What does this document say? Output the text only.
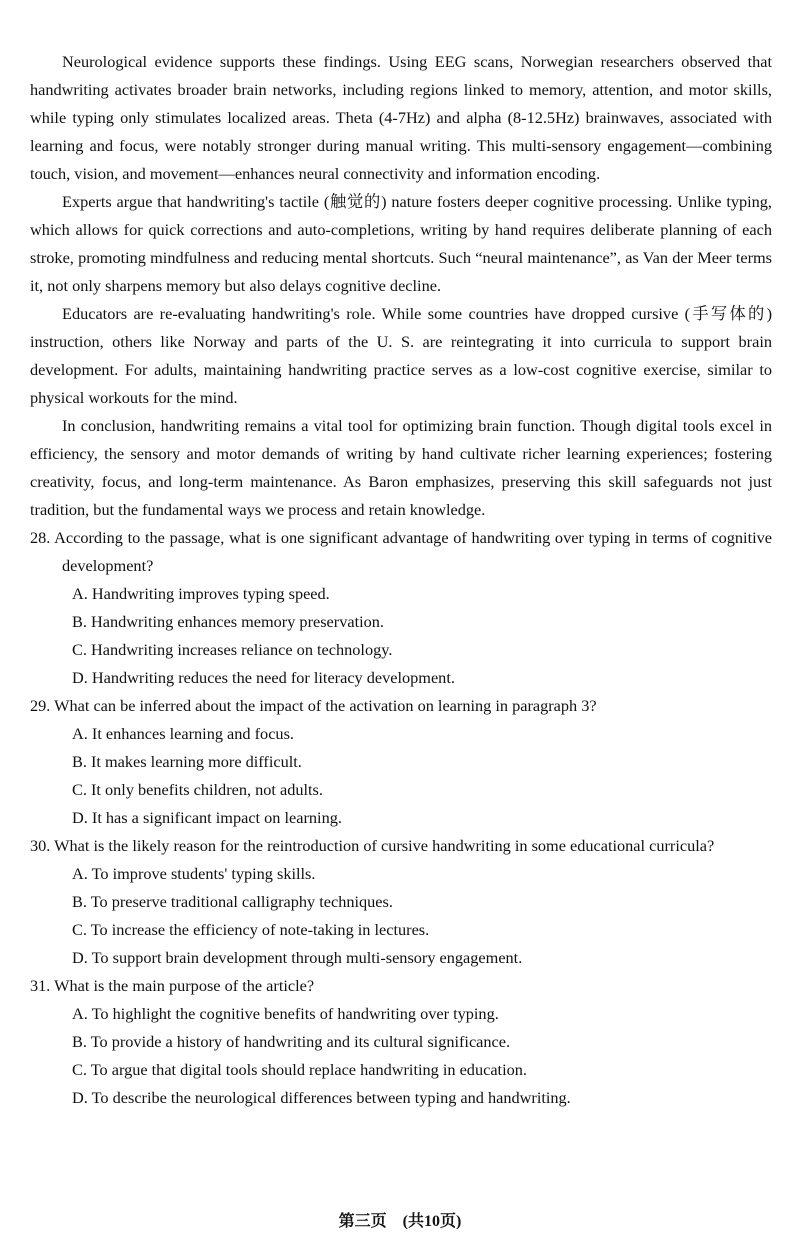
Neurological evidence supports these findings. Using EEG scans, Norwegian researchers observed that handwriting activates broader brain networks, including regions linked to memory, attention, and motor skills, while typing only stimulates localized areas. Theta (4-7Hz) and alpha (8-12.5Hz) brainwaves, associated with learning and focus, were notably stronger during manual writing. This multi-sensory engagement—combining touch, vision, and movement—enhances neural connectivity and information encoding.

Experts argue that handwriting's tactile (触觉的) nature fosters deeper cognitive processing. Unlike typing, which allows for quick corrections and auto-completions, writing by hand requires deliberate planning of each stroke, promoting mindfulness and reducing mental shortcuts. Such “neural maintenance”, as Van der Meer terms it, not only sharpens memory but also delays cognitive decline.

Educators are re-evaluating handwriting's role. While some countries have dropped cursive (手写体的) instruction, others like Norway and parts of the U. S. are reintegrating it into curricula to support brain development. For adults, maintaining handwriting practice serves as a low-cost cognitive exercise, similar to physical workouts for the mind.

In conclusion, handwriting remains a vital tool for optimizing brain function. Though digital tools excel in efficiency, the sensory and motor demands of writing by hand cultivate richer learning experiences; fostering creativity, focus, and long-term maintenance. As Baron emphasizes, preserving this skill safeguards not just tradition, but the fundamental ways we process and retain knowledge.

28. According to the passage, what is one significant advantage of handwriting over typing in terms of cognitive development?

A. Handwriting improves typing speed.

B. Handwriting enhances memory preservation.

C. Handwriting increases reliance on technology.

D. Handwriting reduces the need for literacy development.

29. What can be inferred about the impact of the activation on learning in paragraph 3?

A. It enhances learning and focus.

B. It makes learning more difficult.

C. It only benefits children, not adults.

D. It has a significant impact on learning.

30. What is the likely reason for the reintroduction of cursive handwriting in some educational curricula?

A. To improve students' typing skills.

B. To preserve traditional calligraphy techniques.

C. To increase the efficiency of note-taking in lectures.

D. To support brain development through multi-sensory engagement.

31. What is the main purpose of the article?

A. To highlight the cognitive benefits of handwriting over typing.

B. To provide a history of handwriting and its cultural significance.

C. To argue that digital tools should replace handwriting in education.

D. To describe the neurological differences between typing and handwriting.

第三页 (共10页)
